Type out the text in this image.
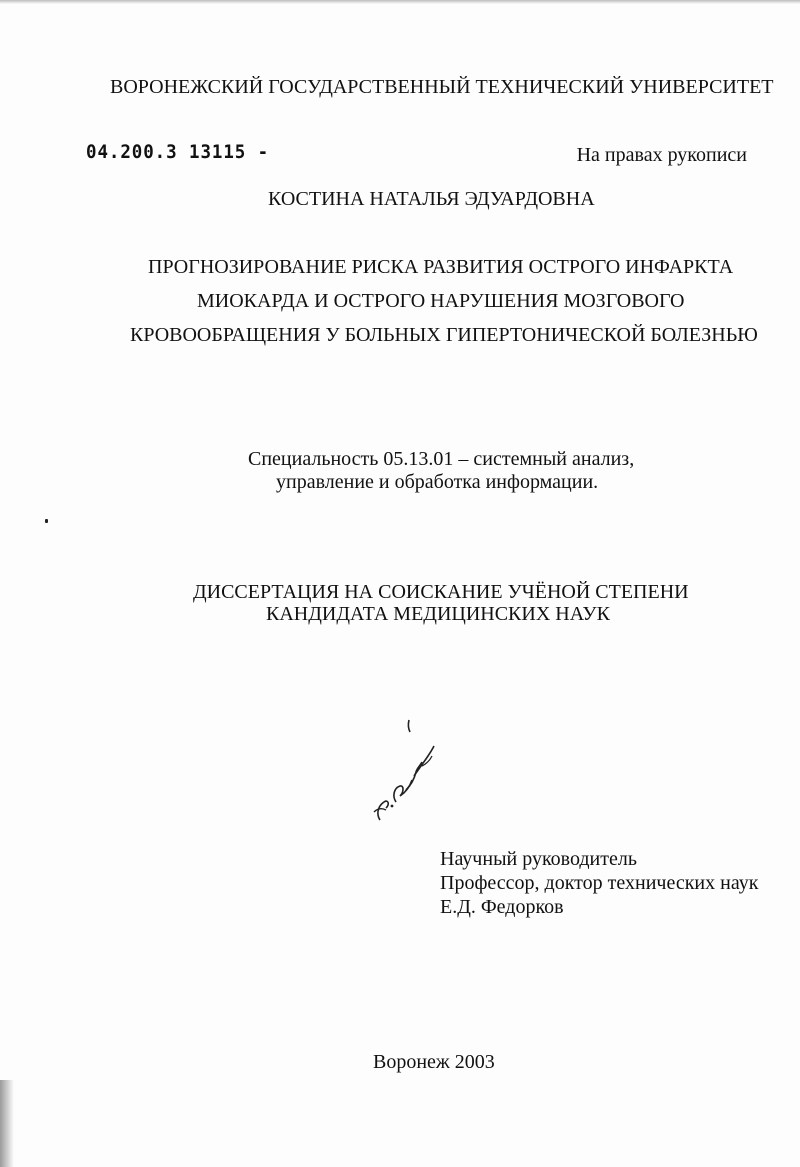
ВОРОНЕЖСКИЙ ГОСУДАРСТВЕННЫЙ ТЕХНИЧЕСКИЙ УНИВЕРСИТЕТ
04.200.3 13115 -	На правах рукописи
КОСТИНА НАТАЛЬЯ ЭДУАРДОВНА
ПРОГНОЗИРОВАНИЕ РИСКА РАЗВИТИЯ ОСТРОГО ИНФАРКТА
МИОКАРДА И ОСТРОГО НАРУШЕНИЯ МОЗГОВОГО
КРОВООБРАЩЕНИЯ У БОЛЬНЫХ ГИПЕРТОНИЧЕСКОЙ БОЛЕЗНЬЮ
Специальность 05.13.01 – системный анализ,
управление и обработка информации.
ДИССЕРТАЦИЯ НА СОИСКАНИЕ УЧЁНОЙ СТЕПЕНИ
КАНДИДАТА МЕДИЦИНСКИХ НАУК
Научный руководитель
Профессор, доктор технических наук
Е.Д. Федорков
Воронеж 2003
